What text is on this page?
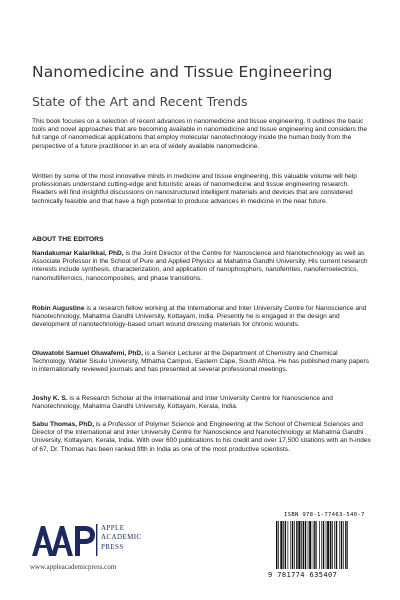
Nanomedicine and Tissue Engineering
State of the Art and Recent Trends
This book focuses on a selection of recent advances in nanomedicine and tissue engineering. It outlines the basic tools and novel approaches that are becoming available in nanomedicine and tissue engineering and considers the full range of nanomedical applications that employ molecular nanotechnology inside the human body from the perspective of a future practitioner in an era of widely available nanomedicine.
Written by some of the most innovative minds in medicine and tissue engineering, this valuable volume will help professionals understand cutting-edge and futuristic areas of nanomedicine and tissue engineering research. Readers will find insightful discussions on nanostructured intelligent materials and devices that are considered technically feasible and that have a high potential to produce advances in medicine in the near future.
ABOUT THE EDITORS
Nandakumar Kalarikkal, PhD, is the Joint Director of the Centre for Nanoscience and Nanotechnology as well as Associate Professor in the School of Pure and Applied Physics at Mahatma Gandhi University. His current research interests include synthesis, characterization, and application of nanophosphors, nanoferrites, nanoferroelectrics, nanomultiferroics, nanocomposites, and phase transitions.
Robin Augustine is a research fellow working at the International and Inter University Centre for Nanoscience and Nanotechnology, Mahatma Gandhi University, Kottayam, India. Presently he is engaged in the design and development of nanotechnology-based smart wound dressing materials for chronic wounds.
Oluwatobi Samuel Oluwafemi, PhD, is a Senior Lecturer at the Department of Chemistry and Chemical Technology, Walter Sisulu University, Mthatha Campus, Eastern Cape, South Africa. He has published many papers in internationally reviewed journals and has presented at several professional meetings.
Joshy K. S. is a Research Scholar at the International and Inter University Centre for Nanoscience and Nanotechnology, Mahatma Gandhi University, Kottayam, Kerala, India.
Sabu Thomas, PhD, is a Professor of Polymer Science and Engineering at the School of Chemical Sciences and Director of the International and Inter University Centre for Nanoscience and Nanotechnology at Mahatma Gandhi University, Kottayam, Kerala, India. With over 600 publications to his credit and over 17,500 citations with an h-index of 67, Dr. Thomas has been ranked fifth in India as one of the most productive scientists.
APPLE
ACADEMIC
PRESS
www.appleacademicpress.com
ISBN 978-1-77463-540-7
9 781774 635407
